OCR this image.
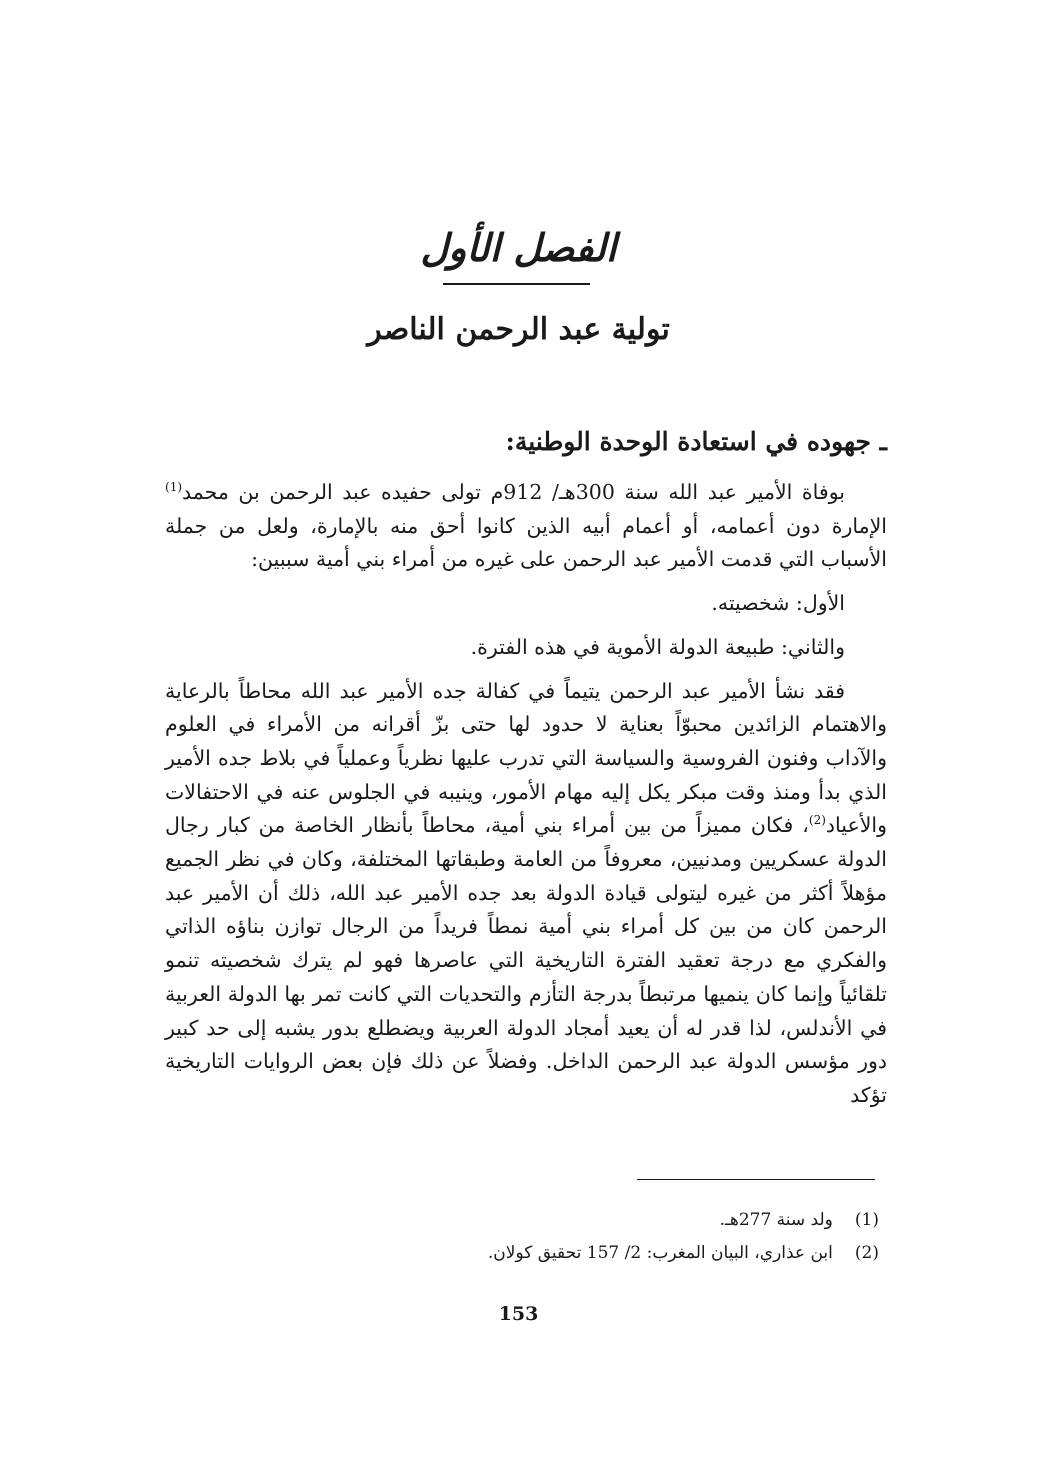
الفصل الأول
تولية عبد الرحمن الناصر
ـ جهوده في استعادة الوحدة الوطنية:

بوفاة الأمير عبد الله سنة 300هـ/ 912م تولى حفيده عبد الرحمن بن محمد$^{(1)}$ الإمارة دون أعمامه، أو أعمام أبيه الذين كانوا أحق منه بالإمارة، ولعل من جملة الأسباب التي قدمت الأمير عبد الرحمن على غيره من أمراء بني أمية سببين:

الأول: شخصيته.

والثاني: طبيعة الدولة الأموية في هذه الفترة.

فقد نشأ الأمير عبد الرحمن يتيماً في كفالة جده الأمير عبد الله محاطاً بالرعاية والاهتمام الزائدين محبوّاً بعناية لا حدود لها حتى بزّ أقرانه من الأمراء في العلوم والآداب وفنون الفروسية والسياسة التي تدرب عليها نظرياً وعملياً في بلاط جده الأمير الذي بدأ ومنذ وقت مبكر يكل إليه مهام الأمور، وينيبه في الجلوس عنه في الاحتفالات والأعياد$^{(2)}$، فكان مميزاً من بين أمراء بني أمية، محاطاً بأنظار الخاصة من كبار رجال الدولة عسكريين ومدنيين، معروفاً من العامة وطبقاتها المختلفة، وكان في نظر الجميع مؤهلاً أكثر من غيره ليتولى قيادة الدولة بعد جده الأمير عبد الله، ذلك أن الأمير عبد الرحمن كان من بين كل أمراء بني أمية نمطاً فريداً من الرجال توازن بناؤه الذاتي والفكري مع درجة تعقيد الفترة التاريخية التي عاصرها فهو لم يترك شخصيته تنمو تلقائياً وإنما كان ينميها مرتبطاً بدرجة التأزم والتحديات التي كانت تمر بها الدولة العربية في الأندلس، لذا قدر له أن يعيد أمجاد الدولة العربية ويضطلع بدور يشبه إلى حد كبير دور مؤسس الدولة عبد الرحمن الداخل. وفضلاً عن ذلك فإن بعض الروايات التاريخية تؤكد

(1)
ولد سنة 277هـ.
(2)
ابن عذاري، البيان المغرب: 2/ 157 تحقيق كولان.
153
